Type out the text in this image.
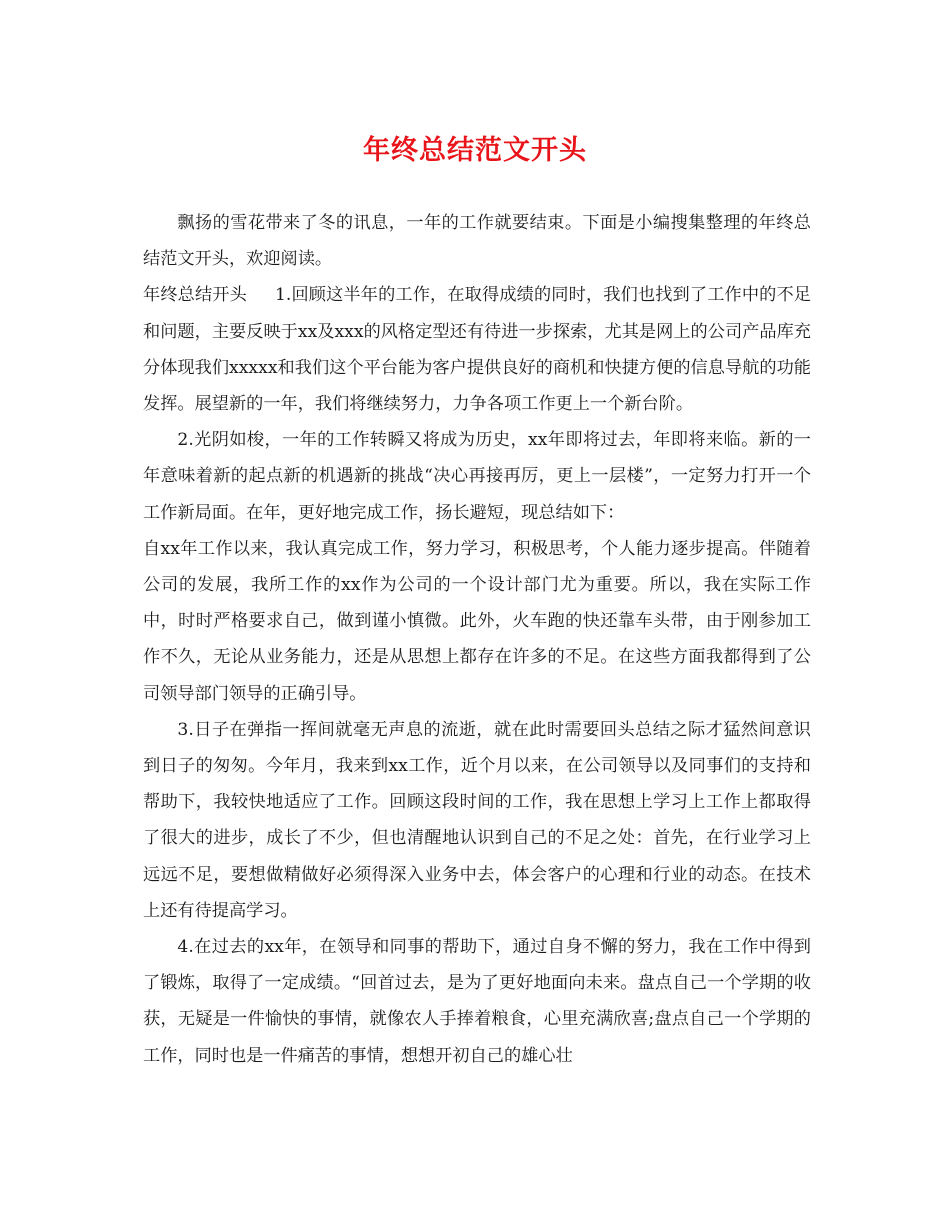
年终总结范文开头

飘扬的雪花带来了冬的讯息，一年的工作就要结束。下面是小编搜集整理的年终总结范文开头，欢迎阅读。

年终总结开头 1.回顾这半年的工作，在取得成绩的同时，我们也找到了工作中的不足和问题，主要反映于xx及xxx的风格定型还有待进一步探索，尤其是网上的公司产品库充分体现我们xxxxx和我们这个平台能为客户提供良好的商机和快捷方便的信息导航的功能发挥。展望新的一年，我们将继续努力，力争各项工作更上一个新台阶。

2.光阴如梭，一年的工作转瞬又将成为历史，xx年即将过去，年即将来临。新的一年意味着新的起点新的机遇新的挑战“决心再接再厉，更上一层楼”，一定努力打开一个工作新局面。在年，更好地完成工作，扬长避短，现总结如下：

自xx年工作以来，我认真完成工作，努力学习，积极思考，个人能力逐步提高。伴随着公司的发展，我所工作的xx作为公司的一个设计部门尤为重要。所以，我在实际工作中，时时严格要求自己，做到谨小慎微。此外，火车跑的快还靠车头带，由于刚参加工作不久，无论从业务能力，还是从思想上都存在许多的不足。在这些方面我都得到了公司领导部门领导的正确引导。

3.日子在弹指一挥间就毫无声息的流逝，就在此时需要回头总结之际才猛然间意识到日子的匆匆。今年月，我来到xx工作，近个月以来，在公司领导以及同事们的支持和帮助下，我较快地适应了工作。回顾这段时间的工作，我在思想上学习上工作上都取得了很大的进步，成长了不少，但也清醒地认识到自己的不足之处：首先，在行业学习上远远不足，要想做精做好必须得深入业务中去，体会客户的心理和行业的动态。在技术上还有待提高学习。

4.在过去的xx年，在领导和同事的帮助下，通过自身不懈的努力，我在工作中得到了锻炼，取得了一定成绩。“回首过去，是为了更好地面向未来。盘点自己一个学期的收获，无疑是一件愉快的事情，就像农人手捧着粮食，心里充满欣喜;盘点自己一个学期的工作，同时也是一件痛苦的事情，想想开初自己的雄心壮
